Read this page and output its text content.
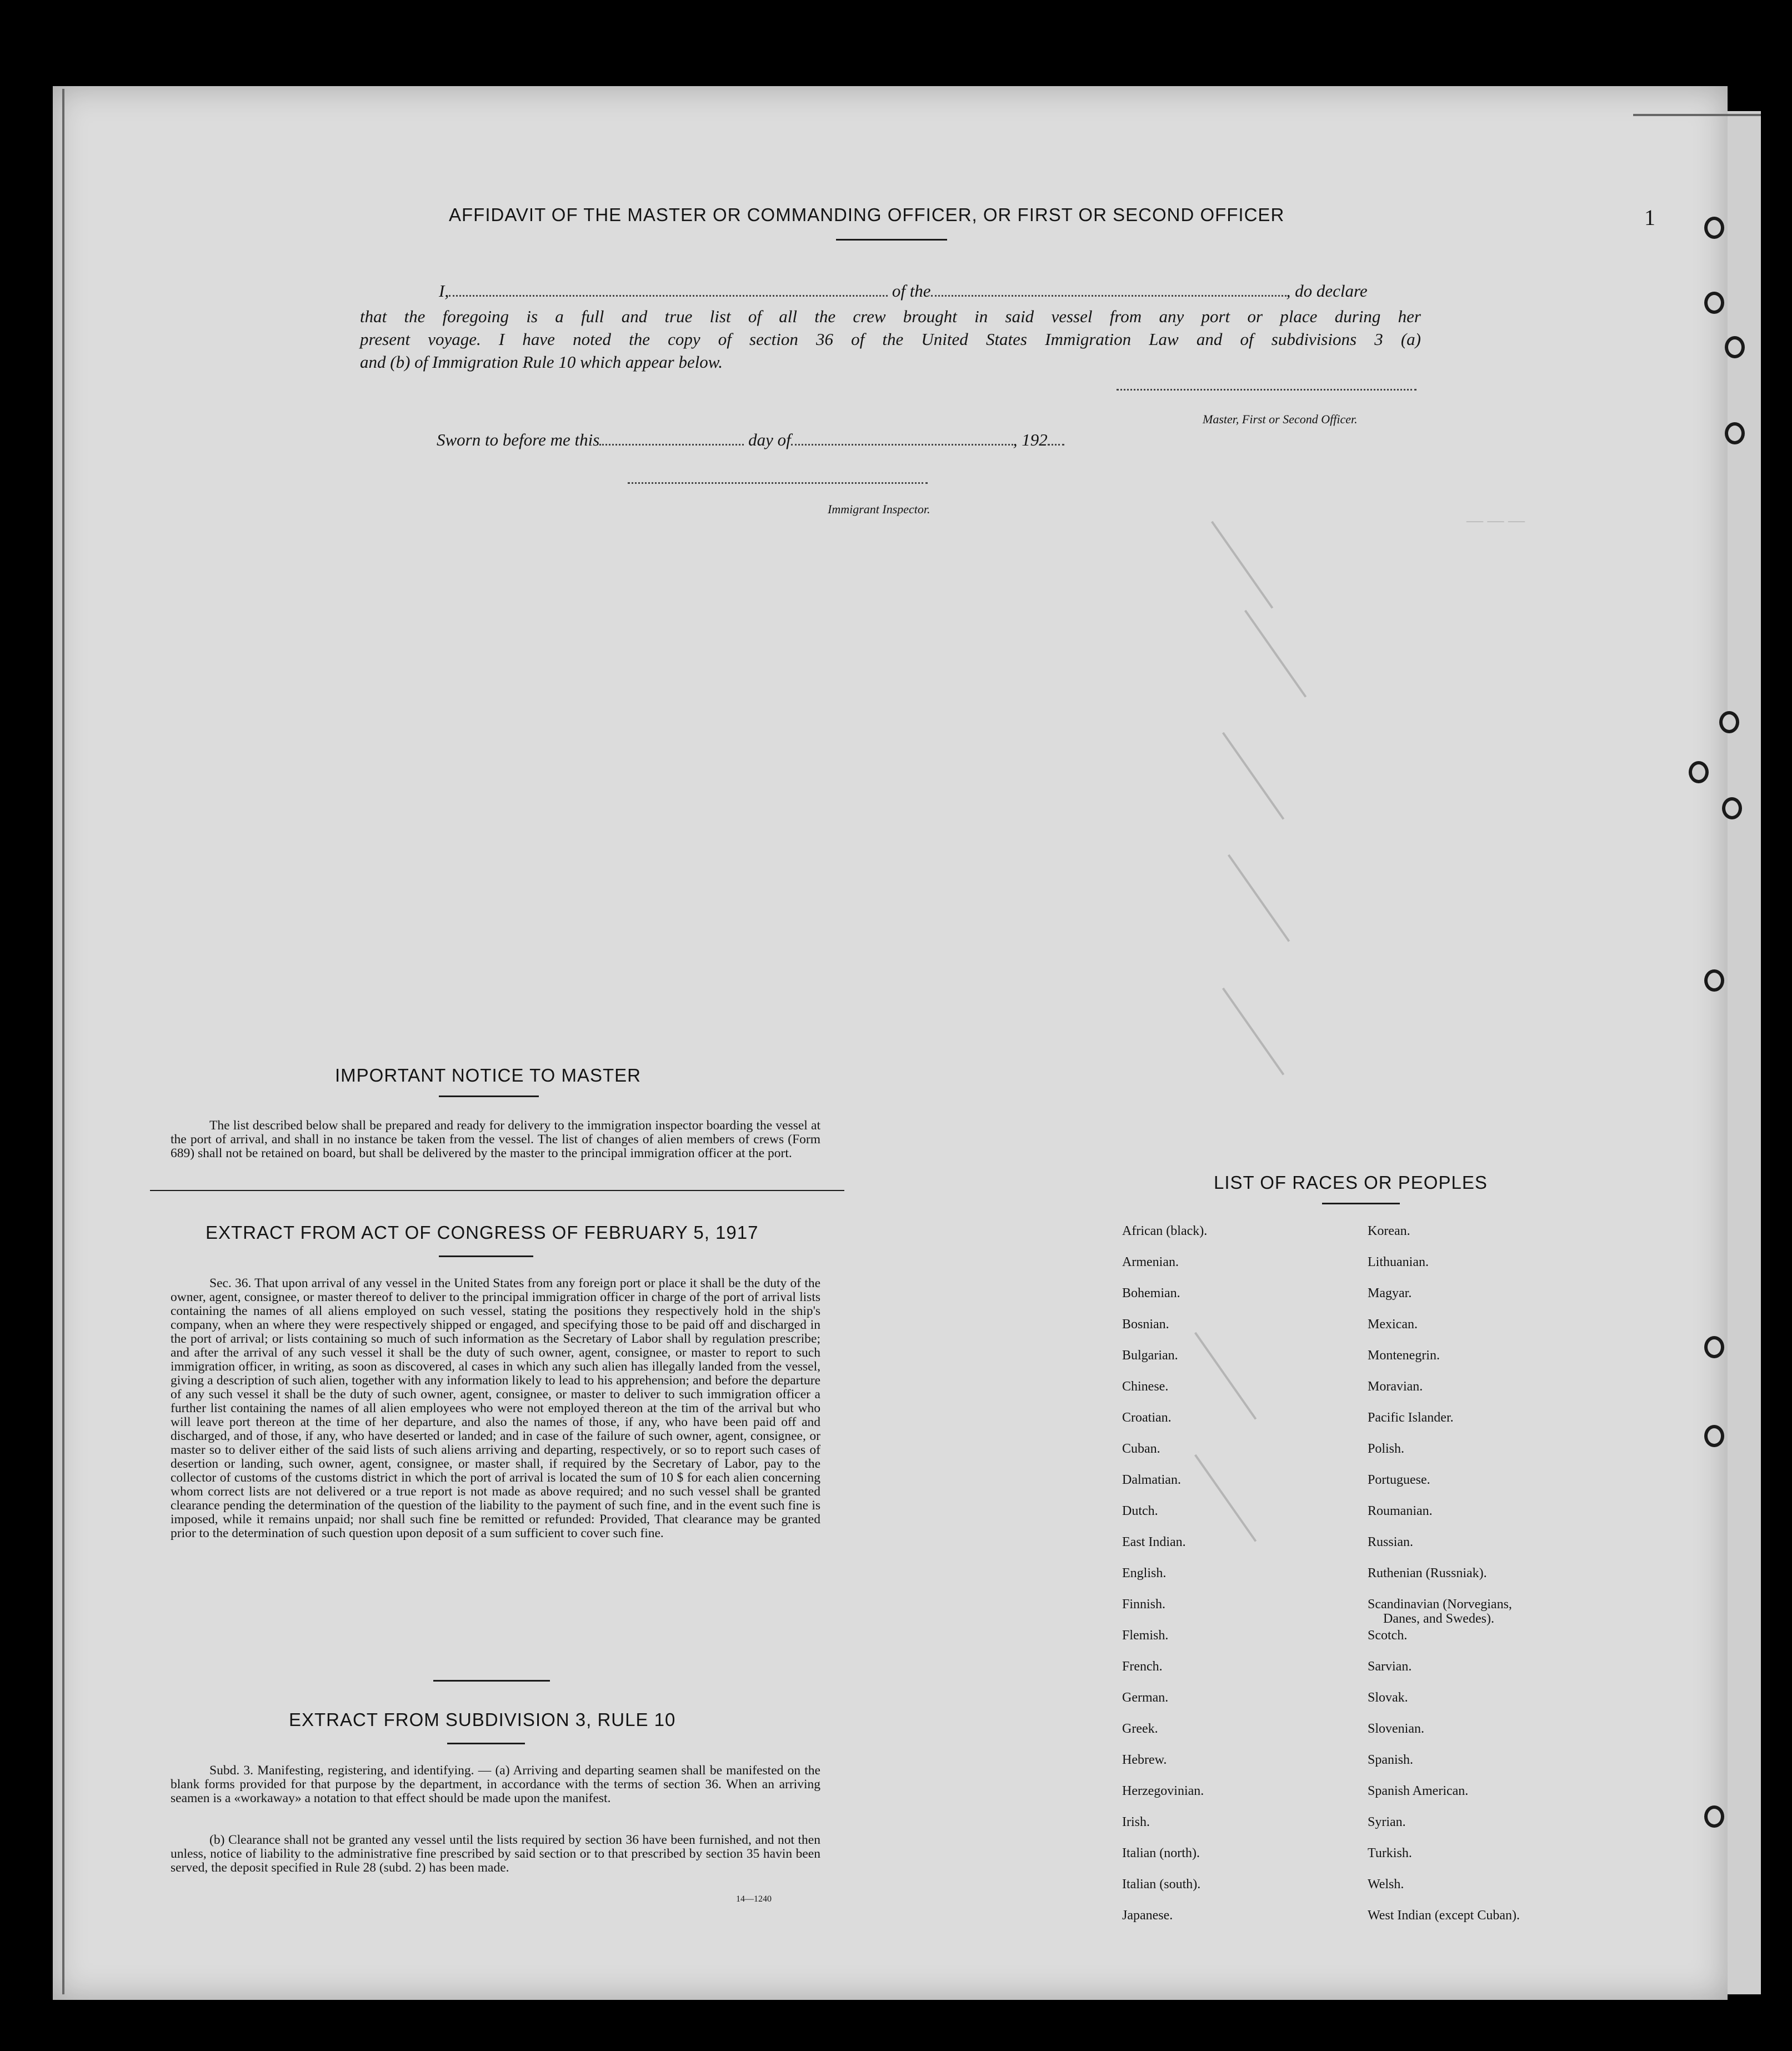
— — —
1
AFFIDAVIT OF THE MASTER OR COMMANDING OFFICER, OR FIRST OR SECOND OFFICER
I,	of the	, do declare
that the foregoing is a full and true list of all the crew brought in said vessel from any port or place during her
present voyage. I have noted the copy of section 36 of the United States Immigration Law and of subdivisions 3 (a)
and (b) of Immigration Rule 10 which appear below.
Master, First or Second Officer.
Sworn to before me this	day of	, 192
Immigrant Inspector.
IMPORTANT NOTICE TO MASTER
The list described below shall be prepared and ready for delivery to the immigration inspector boarding the vessel at the port of arrival, and shall in no instance be taken from the vessel. The list of changes of alien members of crews (Form 689) shall not be retained on board, but shall be delivered by the master to the principal immigration officer at the port.
EXTRACT FROM ACT OF CONGRESS OF FEBRUARY 5, 1917
Sec. 36. That upon arrival of any vessel in the United States from any foreign port or place it shall be the duty of the owner, agent, consignee, or master thereof to deliver to the principal immigration officer in charge of the port of arrival lists containing the names of all aliens employed on such vessel, stating the positions they respectively hold in the ship's company, when an where they were respectively shipped or engaged, and specifying those to be paid off and discharged in the port of arrival; or lists containing so much of such information as the Secretary of Labor shall by regulation prescribe; and after the arrival of any such vessel it shall be the duty of such owner, agent, consignee, or master to report to such immigration officer, in writing, as soon as discovered, al cases in which any such alien has illegally landed from the vessel, giving a description of such alien, together with any information likely to lead to his apprehension; and before the departure of any such vessel it shall be the duty of such owner, agent, consignee, or master to deliver to such immigration officer a further list containing the names of all alien employees who were not employed thereon at the tim of the arrival but who will leave port thereon at the time of her departure, and also the names of those, if any, who have been paid off and discharged, and of those, if any, who have deserted or landed; and in case of the failure of such owner, agent, consignee, or master so to deliver either of the said lists of such aliens arriving and departing, respectively, or so to report such cases of desertion or landing, such owner, agent, consignee, or master shall, if required by the Secretary of Labor, pay to the collector of customs of the customs district in which the port of arrival is located the sum of 10 $ for each alien concerning whom correct lists are not delivered or a true report is not made as above required; and no such vessel shall be granted clearance pending the determination of the question of the liability to the payment of such fine, and in the event such fine is imposed, while it remains unpaid; nor shall such fine be remitted or refunded: Provided, That clearance may be granted prior to the determination of such question upon deposit of a sum sufficient to cover such fine.
EXTRACT FROM SUBDIVISION 3, RULE 10
Subd. 3. Manifesting, registering, and identifying. — (a) Arriving and departing seamen shall be manifested on the blank forms provided for that purpose by the department, in accordance with the terms of section 36. When an arriving seamen is a «workaway» a notation to that effect should be made upon the manifest.
(b) Clearance shall not be granted any vessel until the lists required by section 36 have been furnished, and not then unless, notice of liability to the administrative fine prescribed by said section or to that prescribed by section 35 havin been served, the deposit specified in Rule 28 (subd. 2) has been made.
14—1240
LIST OF RACES OR PEOPLES
African (black).
Armenian.
Bohemian.
Bosnian.
Bulgarian.
Chinese.
Croatian.
Cuban.
Dalmatian.
Dutch.
East Indian.
English.
Finnish.
Flemish.
French.
German.
Greek.
Hebrew.
Herzegovinian.
Irish.
Italian (north).
Italian (south).
Japanese.
Korean.
Lithuanian.
Magyar.
Mexican.
Montenegrin.
Moravian.
Pacific Islander.
Polish.
Portuguese.
Roumanian.
Russian.
Ruthenian (Russniak).
Scandinavian (Norvegians,
Danes, and Swedes).
Scotch.
Sarvian.
Slovak.
Slovenian.
Spanish.
Spanish American.
Syrian.
Turkish.
Welsh.
West Indian (except Cuban).
